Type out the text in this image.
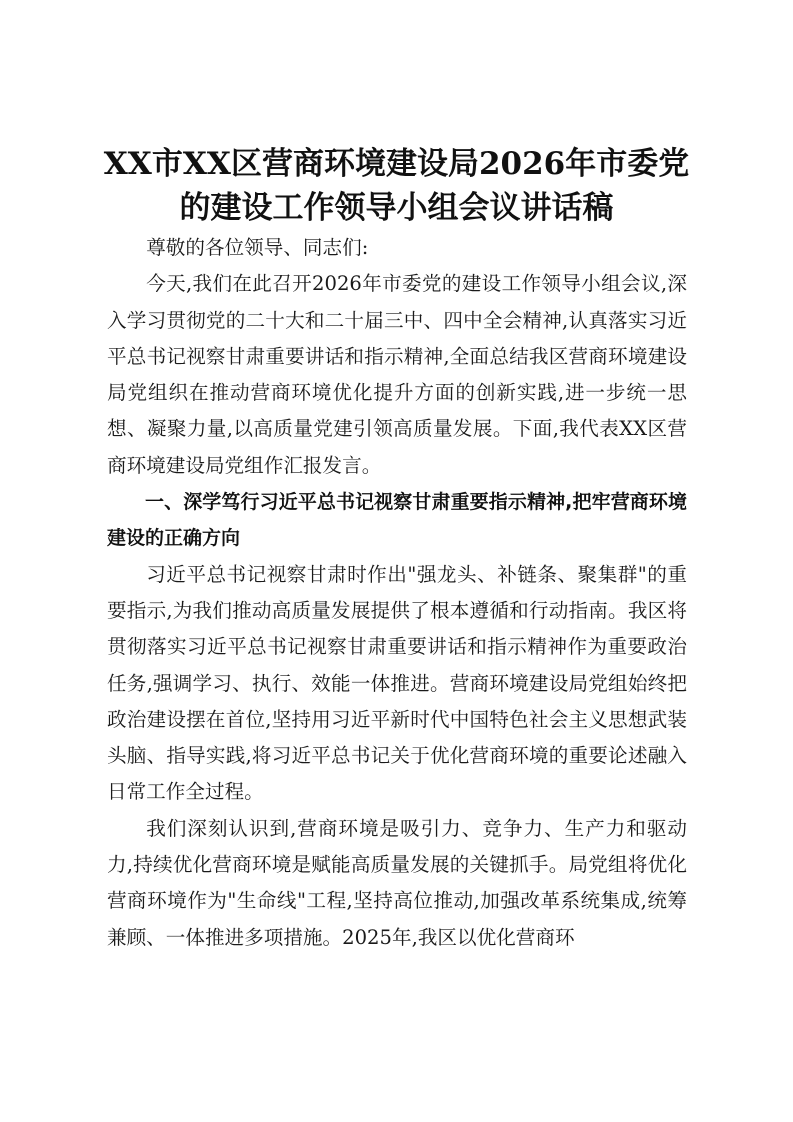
XX市XX区营商环境建设局2026年市委党的建设工作领导小组会议讲话稿

尊敬的各位领导、同志们:

今天,我们在此召开2026年市委党的建设工作领导小组会议,深入学习贯彻党的二十大和二十届三中、四中全会精神,认真落实习近平总书记视察甘肃重要讲话和指示精神,全面总结我区营商环境建设局党组织在推动营商环境优化提升方面的创新实践,进一步统一思想、凝聚力量,以高质量党建引领高质量发展。下面,我代表XX区营商环境建设局党组作汇报发言。

一、深学笃行习近平总书记视察甘肃重要指示精神,把牢营商环境建设的正确方向

习近平总书记视察甘肃时作出"强龙头、补链条、聚集群"的重要指示,为我们推动高质量发展提供了根本遵循和行动指南。我区将贯彻落实习近平总书记视察甘肃重要讲话和指示精神作为重要政治任务,强调学习、执行、效能一体推进。营商环境建设局党组始终把政治建设摆在首位,坚持用习近平新时代中国特色社会主义思想武装头脑、指导实践,将习近平总书记关于优化营商环境的重要论述融入日常工作全过程。

我们深刻认识到,营商环境是吸引力、竞争力、生产力和驱动力,持续优化营商环境是赋能高质量发展的关键抓手。局党组将优化营商环境作为"生命线"工程,坚持高位推动,加强改革系统集成,统筹兼顾、一体推进多项措施。2025年,我区以优化营商环
